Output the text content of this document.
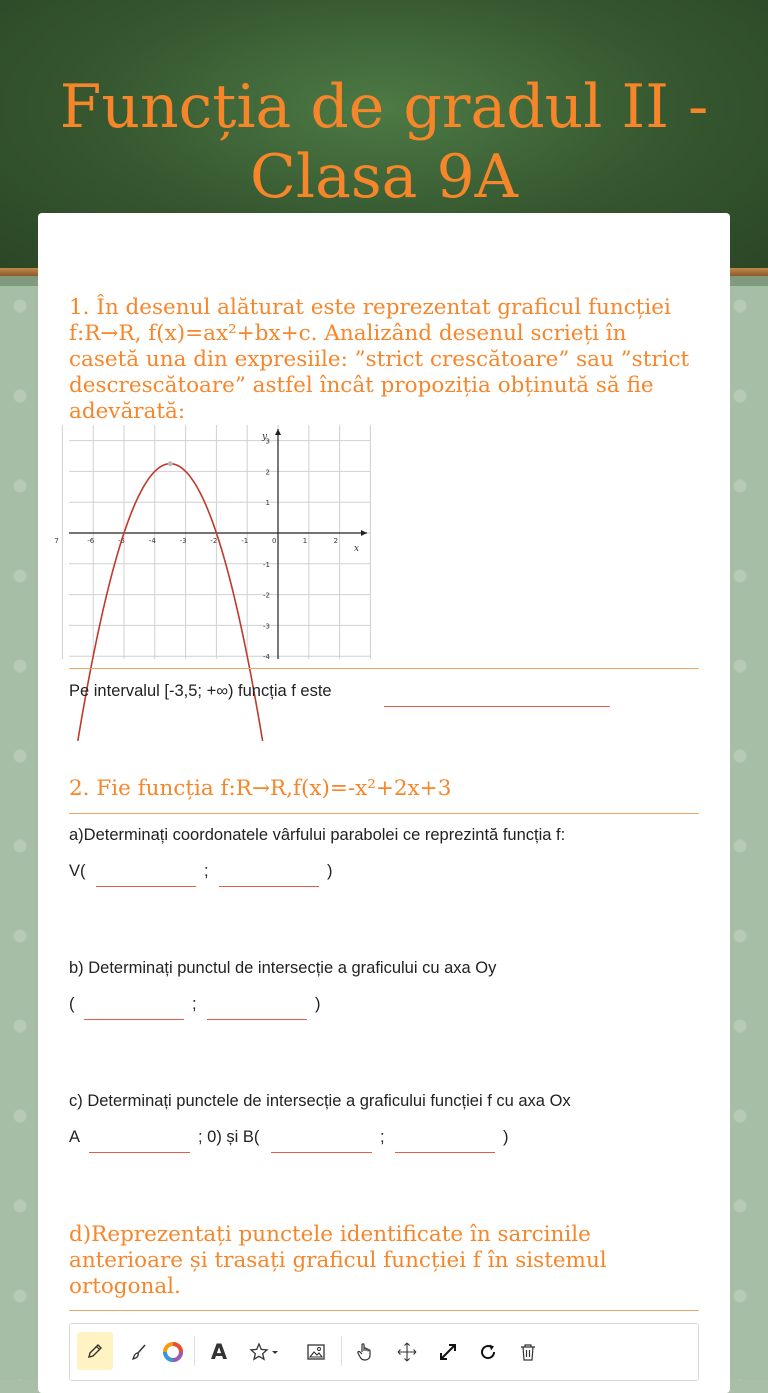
Funcția de gradul II - Clasa 9A

1. În desenul alăturat este reprezentat graficul funcției f:R→R, f(x)=ax²+bx+c. Analizând desenul scrieți în casetă una din expresiile: ”strict crescătoare” sau ”strict descrescătoare” astfel încât propoziția obținută să fie adevărată:

7	-6	-5	-4	-3	-2	-1	0	1	2
3
2
1
-1
-2
-3
-4
x
y
Pe intervalul [-3,5; +∞) funcția f este

2. Fie funcția f:R→R,f(x)=-x²+2x+3

a)Determinați coordonatele vârfului parabolei ce reprezintă funcția f:
V(	;	)
b) Determinați punctul de intersecție a graficului cu axa Oy
(	;	)
c) Determinați punctele de intersecție a graficului funcției f cu axa Ox
A	; 0) și B(	;	)

d)Reprezentați punctele identificate în sarcinile anterioare și trasați graficul funcției f în sistemul ortogonal.

A
